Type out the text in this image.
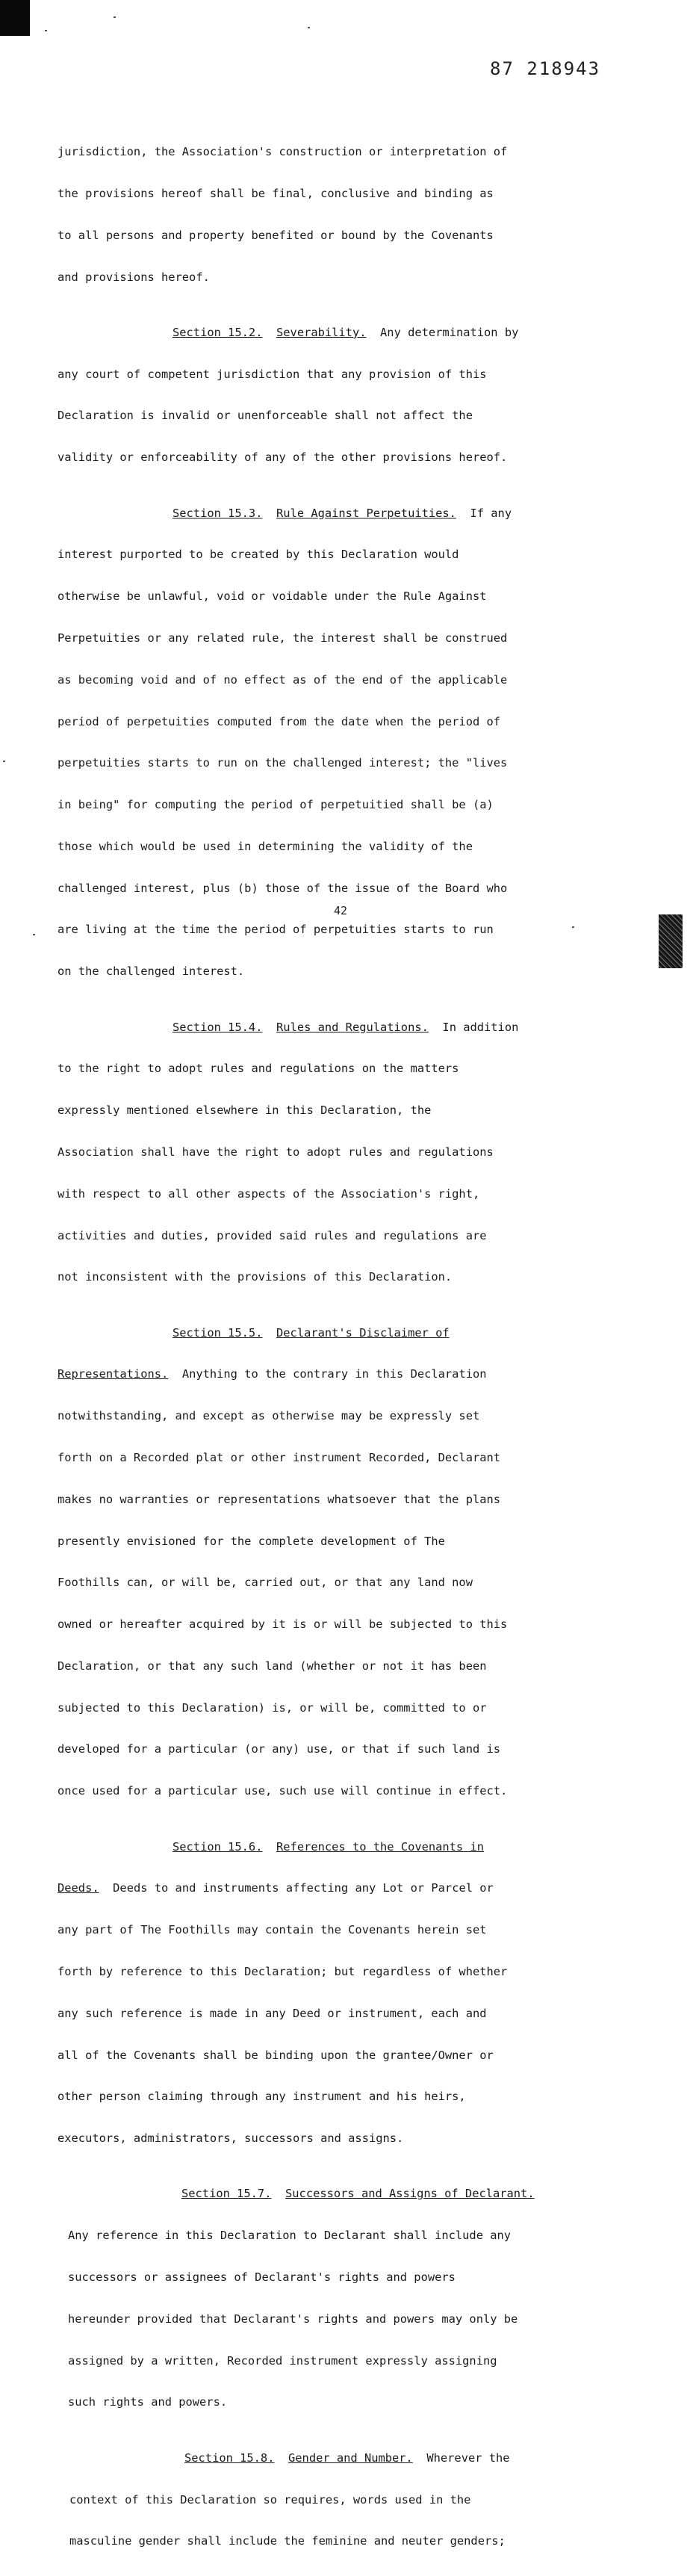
87 218943

jurisdiction, the Association's construction or interpretation of

the provisions hereof shall be final, conclusive and binding as

to all persons and property benefited or bound by the Covenants

and provisions hereof.

Section 15.2. Severability. Any determination by

any court of competent jurisdiction that any provision of this

Declaration is invalid or unenforceable shall not affect the

validity or enforceability of any of the other provisions hereof.

Section 15.3. Rule Against Perpetuities. If any

interest purported to be created by this Declaration would

otherwise be unlawful, void or voidable under the Rule Against

Perpetuities or any related rule, the interest shall be construed

as becoming void and of no effect as of the end of the applicable

period of perpetuities computed from the date when the period of

perpetuities starts to run on the challenged interest; the "lives

in being" for computing the period of perpetuitied shall be (a)

those which would be used in determining the validity of the

challenged interest, plus (b) those of the issue of the Board who

are living at the time the period of perpetuities starts to run

on the challenged interest.

Section 15.4. Rules and Regulations. In addition

to the right to adopt rules and regulations on the matters

expressly mentioned elsewhere in this Declaration, the

Association shall have the right to adopt rules and regulations

with respect to all other aspects of the Association's right,

activities and duties, provided said rules and regulations are

not inconsistent with the provisions of this Declaration.

Section 15.5. Declarant's Disclaimer of

Representations. Anything to the contrary in this Declaration

notwithstanding, and except as otherwise may be expressly set

forth on a Recorded plat or other instrument Recorded, Declarant

makes no warranties or representations whatsoever that the plans

presently envisioned for the complete development of The

Foothills can, or will be, carried out, or that any land now

owned or hereafter acquired by it is or will be subjected to this

Declaration, or that any such land (whether or not it has been

subjected to this Declaration) is, or will be, committed to or

developed for a particular (or any) use, or that if such land is

once used for a particular use, such use will continue in effect.

Section 15.6. References to the Covenants in

Deeds. Deeds to and instruments affecting any Lot or Parcel or

any part of The Foothills may contain the Covenants herein set

forth by reference to this Declaration; but regardless of whether

any such reference is made in any Deed or instrument, each and

all of the Covenants shall be binding upon the grantee/Owner or

other person claiming through any instrument and his heirs,

executors, administrators, successors and assigns.

Section 15.7. Successors and Assigns of Declarant.

Any reference in this Declaration to Declarant shall include any

successors or assignees of Declarant's rights and powers

hereunder provided that Declarant's rights and powers may only be

assigned by a written, Recorded instrument expressly assigning

such rights and powers.

Section 15.8. Gender and Number. Wherever the

context of this Declaration so requires, words used in the

masculine gender shall include the feminine and neuter genders;

42
